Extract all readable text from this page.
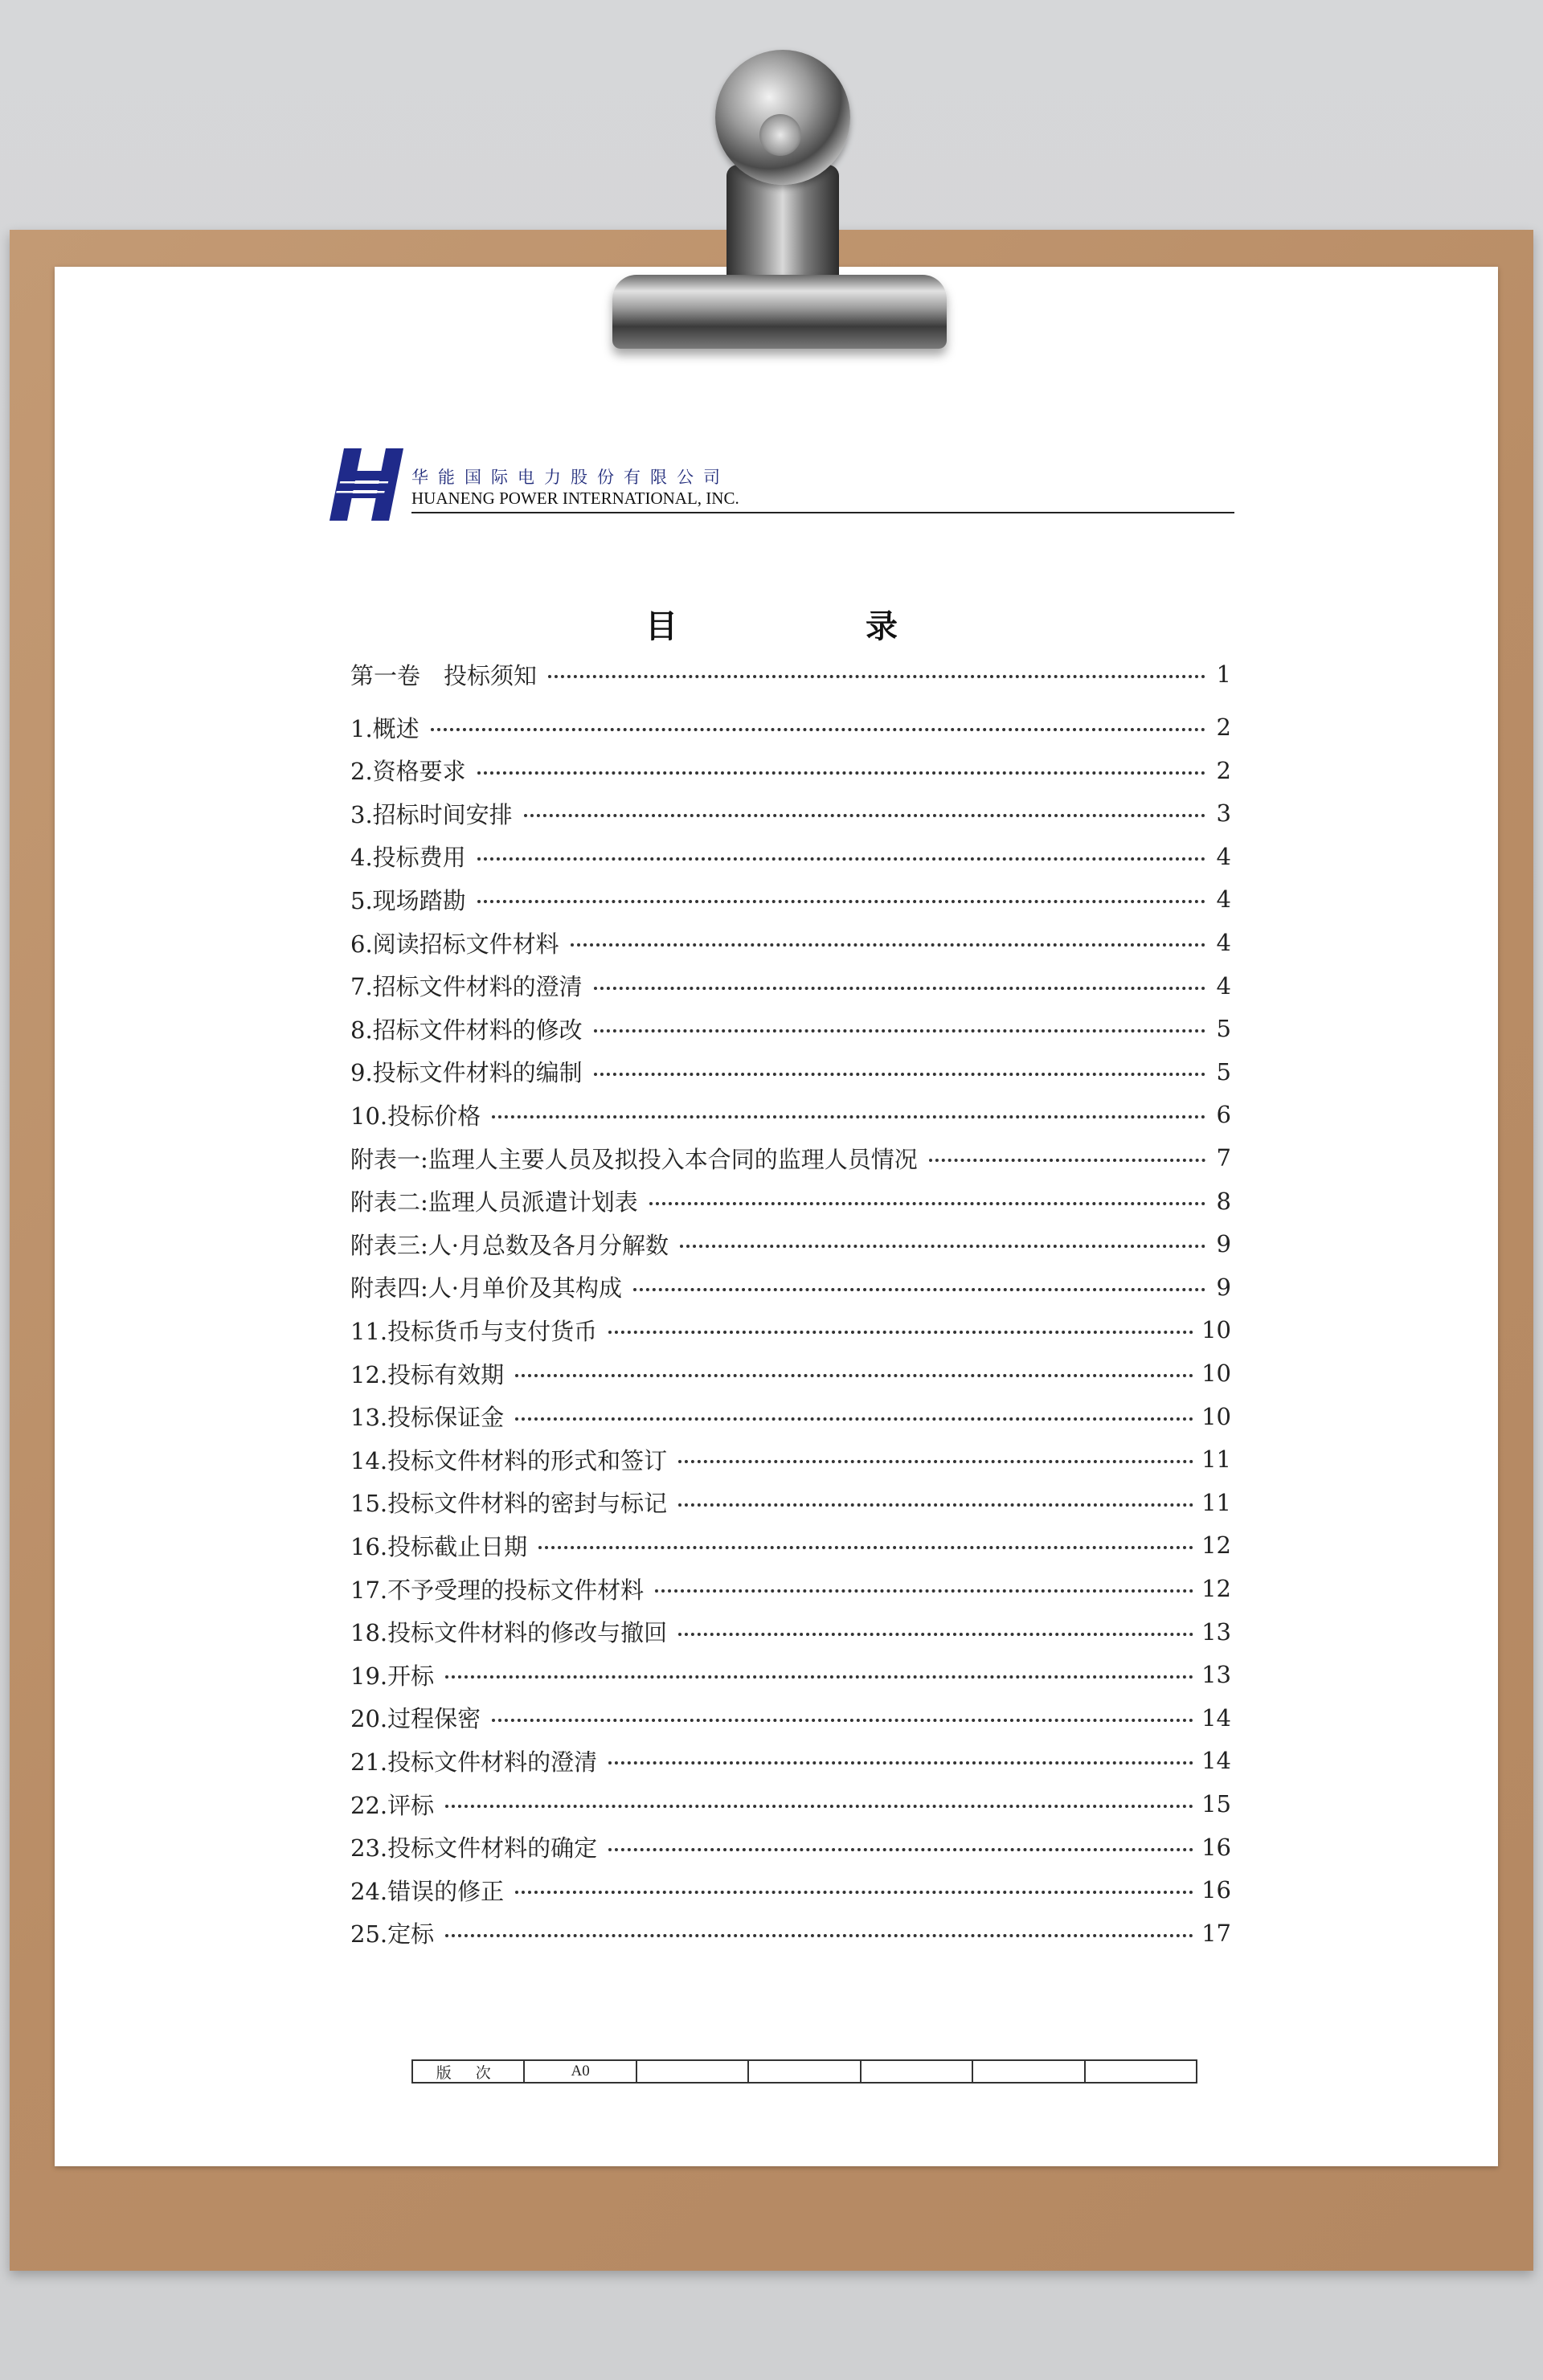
华能国际电力股份有限公司
HUANENG POWER INTERNATIONAL, INC.
目 录
第一卷　投标须知	1
1.概述	2
2.资格要求	2
3.招标时间安排	3
4.投标费用	4
5.现场踏勘	4
6.阅读招标文件材料	4
7.招标文件材料的澄清	4
8.招标文件材料的修改	5
9.投标文件材料的编制	5
10.投标价格	6
附表一:监理人主要人员及拟投入本合同的监理人员情况	7
附表二:监理人员派遣计划表	8
附表三:人·月总数及各月分解数	9
附表四:人·月单价及其构成	9
11.投标货币与支付货币	10
12.投标有效期	10
13.投标保证金	10
14.投标文件材料的形式和签订	11
15.投标文件材料的密封与标记	11
16.投标截止日期	12
17.不予受理的投标文件材料	12
18.投标文件材料的修改与撤回	13
19.开标	13
20.过程保密	14
21.投标文件材料的澄清	14
22.评标	15
23.投标文件材料的确定	16
24.错误的修正	16
25.定标	17
版 次	A0
